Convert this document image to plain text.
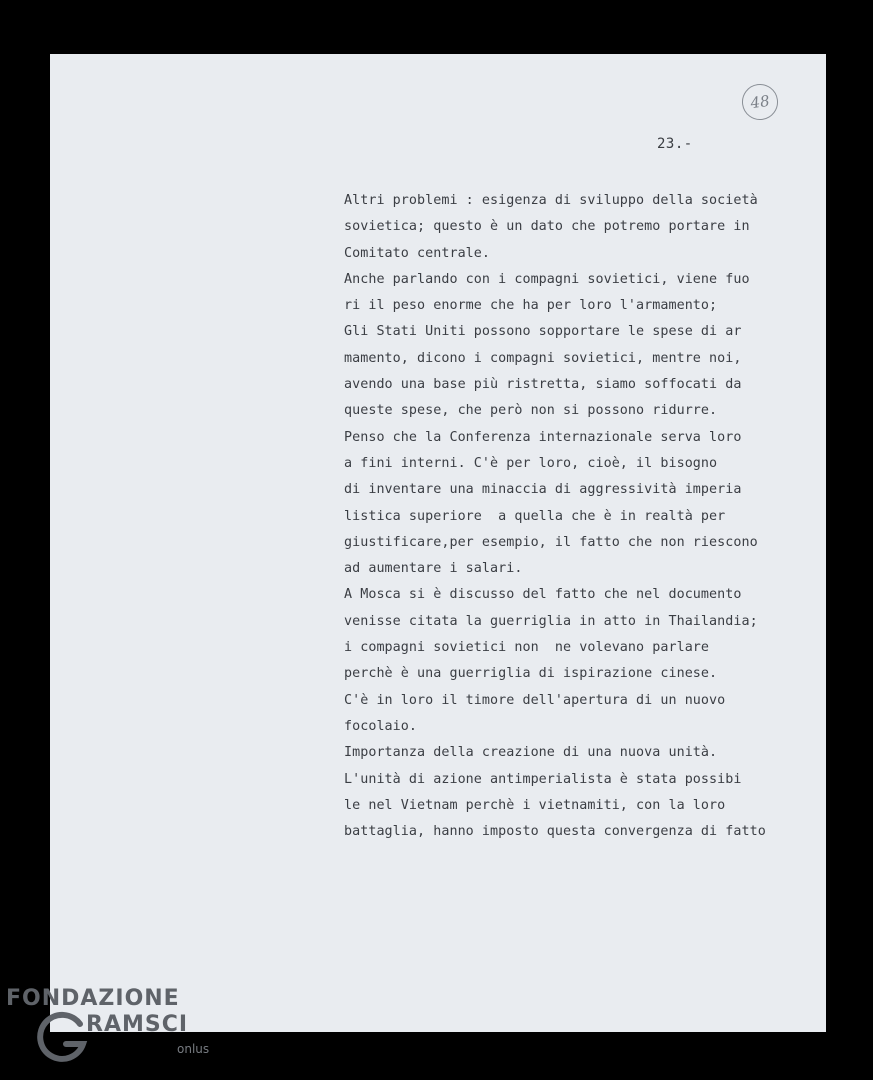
48
23.-
Altri problemi : esigenza di sviluppo della società
sovietica; questo è un dato che potremo portare in
Comitato centrale.
Anche parlando con i compagni sovietici, viene fuo
ri il peso enorme che ha per loro l'armamento;
Gli Stati Uniti possono sopportare le spese di ar
mamento, dicono i compagni sovietici, mentre noi,
avendo una base più ristretta, siamo soffocati da
queste spese, che però non si possono ridurre.
Penso che la Conferenza internazionale serva loro
a fini interni. C'è per loro, cioè, il bisogno
di inventare una minaccia di aggressività imperia
listica superiore  a quella che è in realtà per
giustificare,per esempio, il fatto che non riescono
ad aumentare i salari.
A Mosca si è discusso del fatto che nel documento
venisse citata la guerriglia in atto in Thailandia;
i compagni sovietici non  ne volevano parlare
perchè è una guerriglia di ispirazione cinese.
C'è in loro il timore dell'apertura di un nuovo
focolaio.
Importanza della creazione di una nuova unità.
L'unità di azione antimperialista è stata possibi
le nel Vietnam perchè i vietnamiti, con la loro
battaglia, hanno imposto questa convergenza di fatto
FONDAZIONE
RAMSCI
onlus
